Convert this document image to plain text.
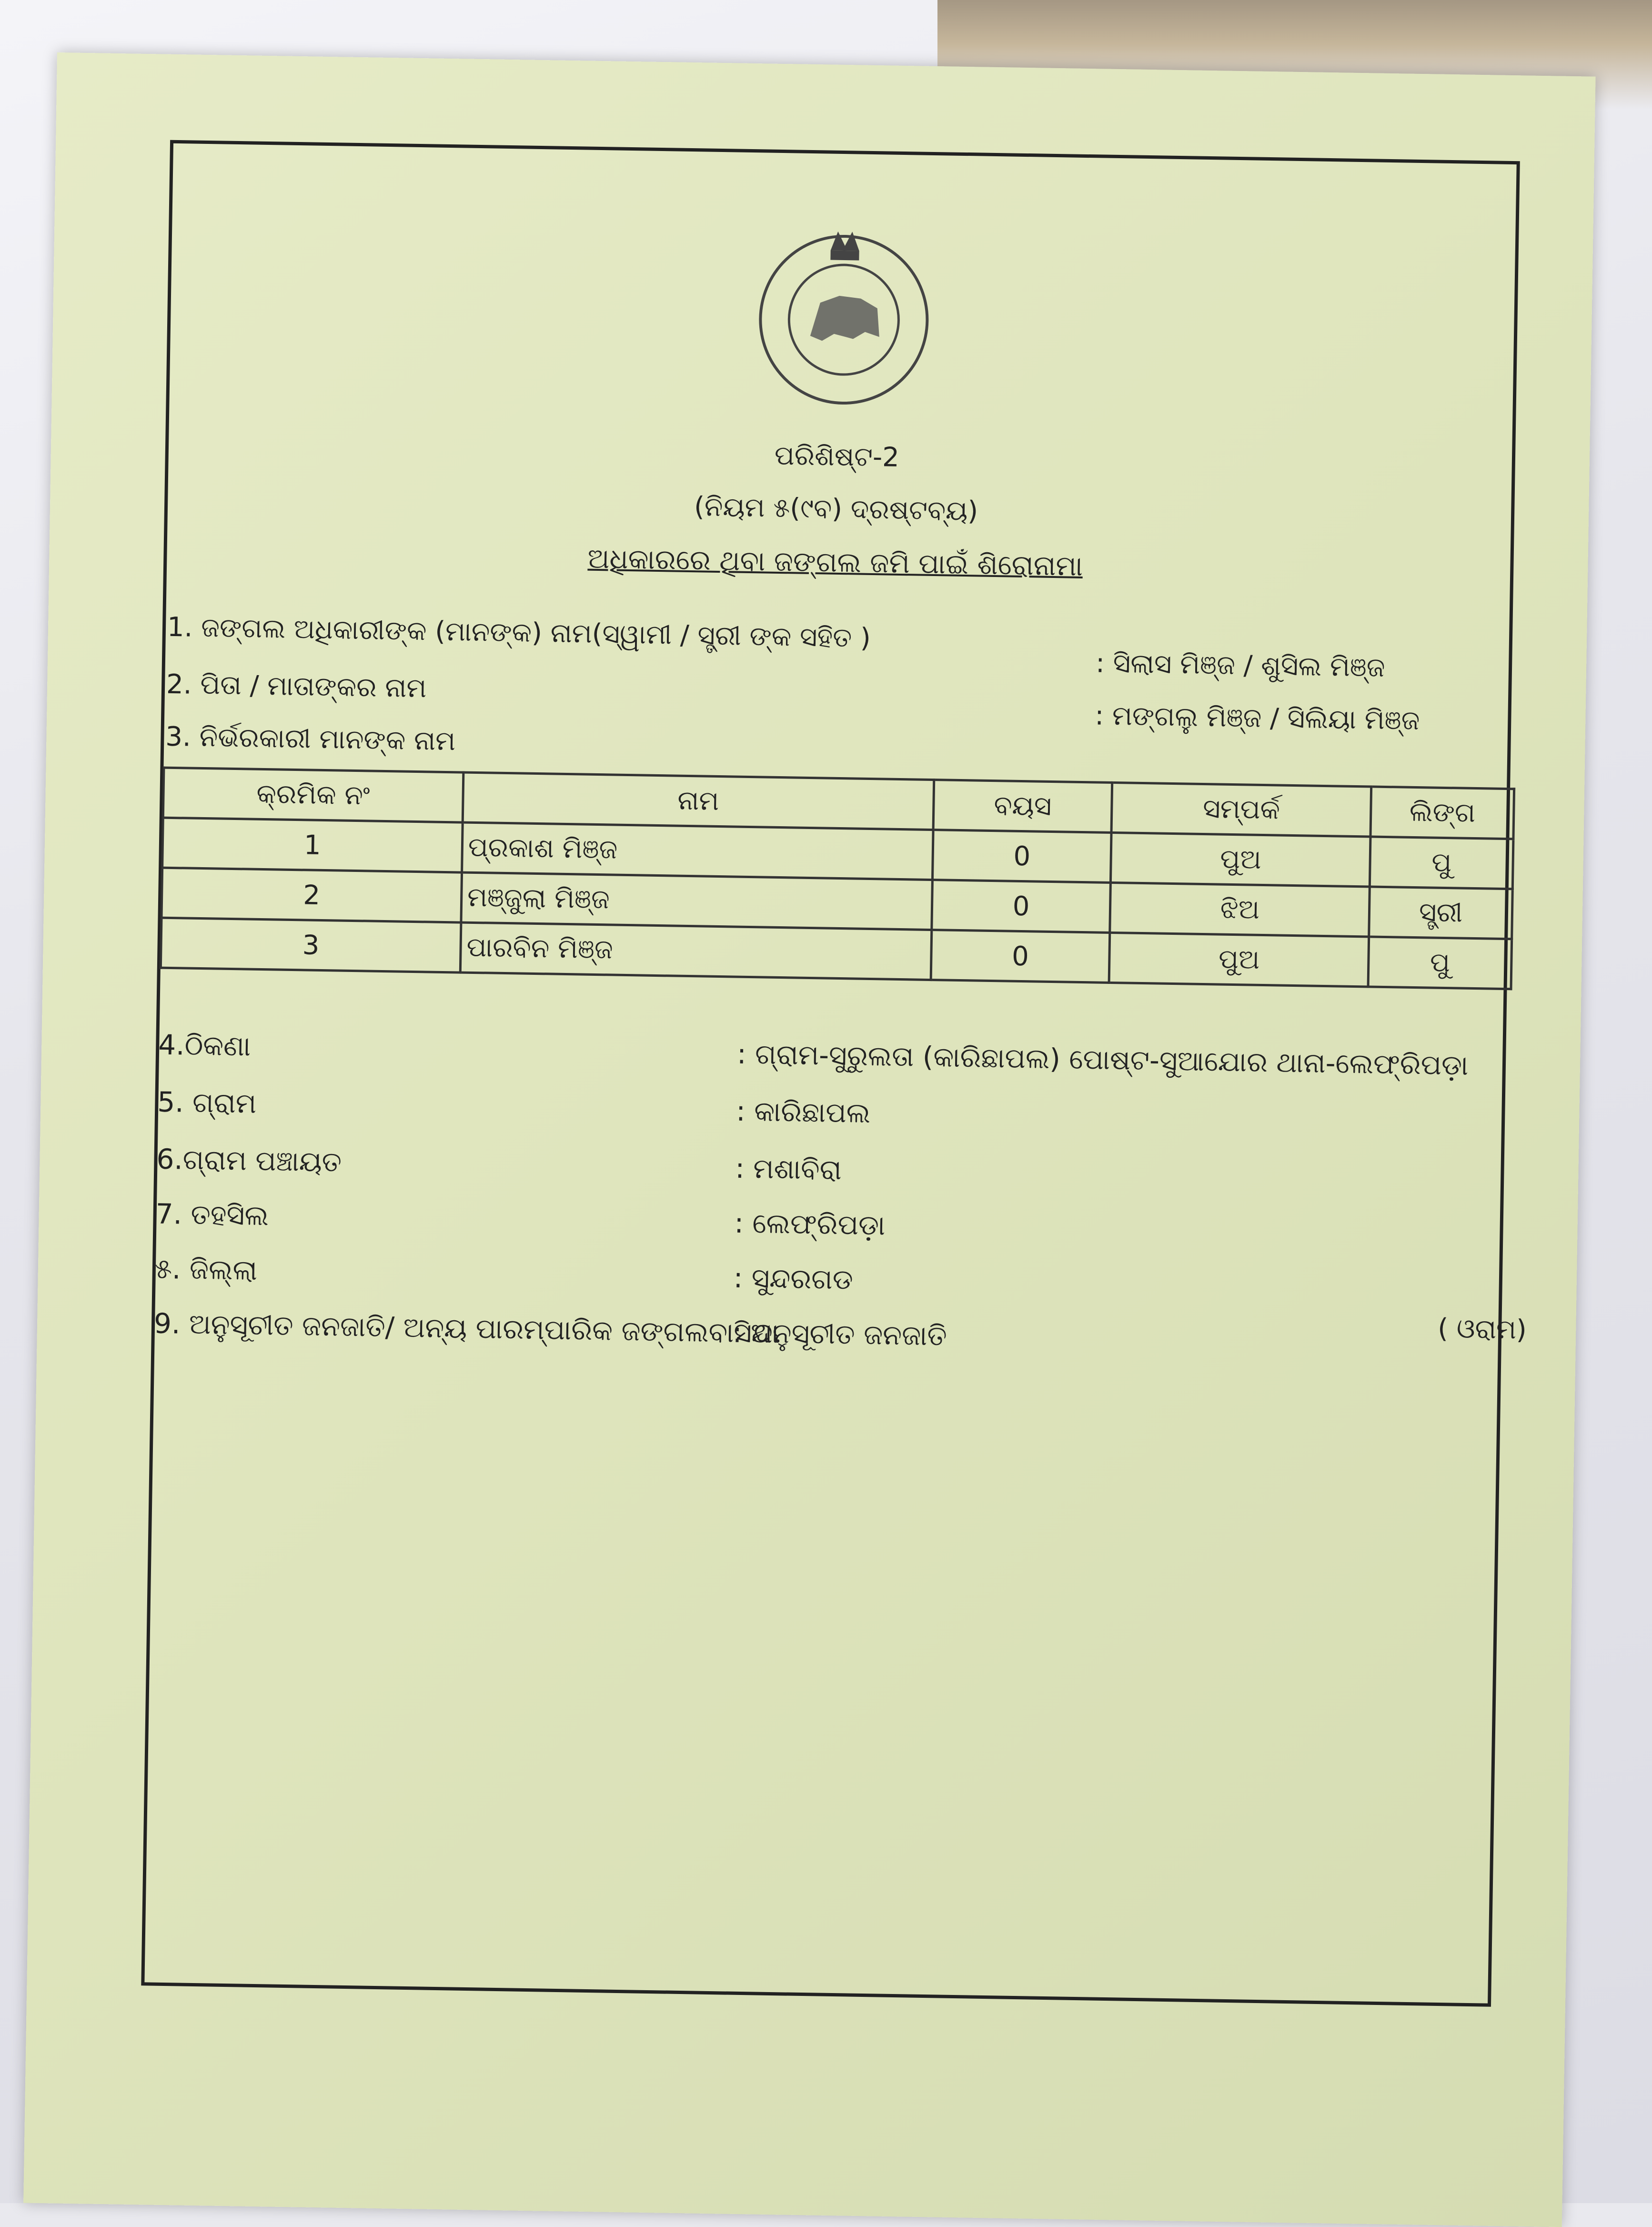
ପରିଶିଷ୍ଟ-2
(ନିୟମ ୫(୯ବ) ଦ୍ରଷ୍ଟବ୍ୟ)
ଅଧିକାରରେ ଥିବା ଜଙ୍ଗଲ ଜମି ପାଇଁ ଶିରୋନାମା
1. ଜଙ୍ଗଲ ଅଧିକାରୀଙ୍କ (ମାନଙ୍କ) ନାମ(ସ୍ୱାମୀ / ସ୍ତ୍ରୀ ଙ୍କ ସହିତ )
: ସିଲାସ ମିଞ୍ଜ / ଶୁସିଲ ମିଞ୍ଜ
2. ପିତା / ମାତାଙ୍କର ନାମ
: ମଙ୍ଗଲୁ ମିଞ୍ଜ / ସିଲିୟା ମିଞ୍ଜ
3. ନିର୍ଭରକାରୀ ମାନଙ୍କ ନାମ
କ୍ରମିକ ନଂ	ନାମ	ବୟସ	ସମ୍ପର୍କ	ଲିଙ୍ଗ
1	ପ୍ରକାଶ ମିଞ୍ଜ	0	ପୁଅ	ପୁ
2	ମଞ୍ଜୁଲା ମିଞ୍ଜ	0	ଝିଅ	ସ୍ତ୍ରୀ
3	ପାରବିନ ମିଞ୍ଜ	0	ପୁଅ	ପୁ
4.ଠିକଣା	: ଗ୍ରାମ-ସୁରୁଲତା (କାରିଛାପଲ) ପୋଷ୍ଟ-ସୁଆଯୋର ଥାନା-ଲେଫ୍ରିପଡ଼ା
5. ଗ୍ରାମ	: କାରିଛାପଲ
6.ଗ୍ରାମ ପଞ୍ଚାୟତ	: ମଶାବିରା
7. ତହସିଲ	: ଲେଫ୍ରିପଡ଼ା
୫. ଜିଲ୍ଲା	: ସୁନ୍ଦରଗଡ
9. ଅନୁସୂଚୀତ ଜନଜାତି/ ଅନ୍ୟ ପାରମ୍ପାରିକ ଜଙ୍ଗଲବାସିନ୍ଦା
: ଅନୁସୂଚୀତ ଜନଜାତି	( ଓରାମ)
